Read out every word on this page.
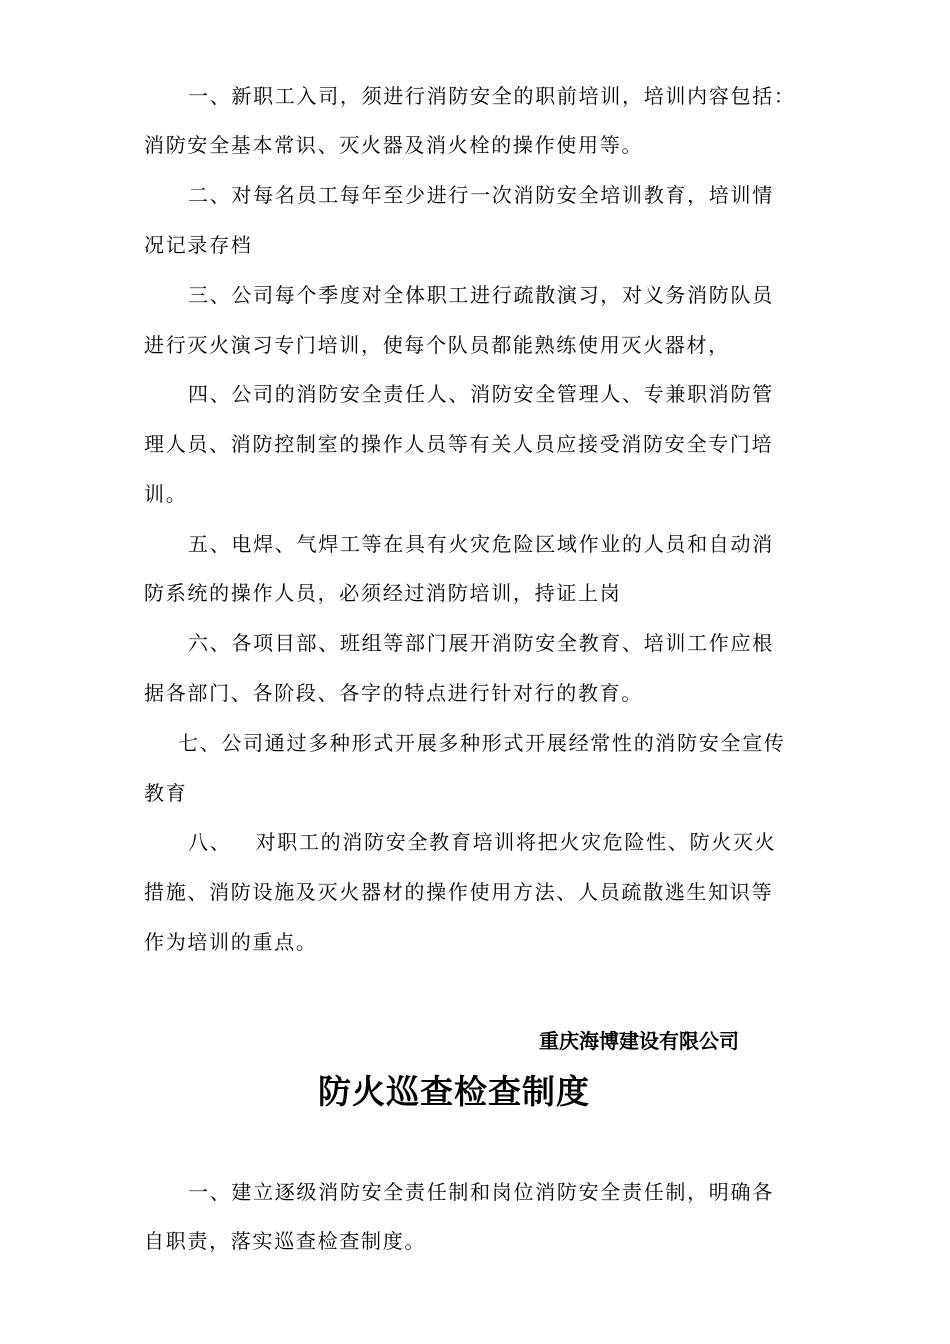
一、新职工入司，须进行消防安全的职前培训，培训内容包括：
消防安全基本常识、灭火器及消火栓的操作使用等。
二、对每名员工每年至少进行一次消防安全培训教育，培训情
况记录存档
三、公司每个季度对全体职工进行疏散演习，对义务消防队员
进行灭火演习专门培训，使每个队员都能熟练使用灭火器材，
四、公司的消防安全责任人、消防安全管理人、专兼职消防管
理人员、消防控制室的操作人员等有关人员应接受消防安全专门培
训。
五、电焊、气焊工等在具有火灾危险区域作业的人员和自动消
防系统的操作人员，必须经过消防培训，持证上岗
六、各项目部、班组等部门展开消防安全教育、培训工作应根
据各部门、各阶段、各字的特点进行针对行的教育。
七、公司通过多种形式开展多种形式开展经常性的消防安全宣传
教育
八、   对职工的消防安全教育培训将把火灾危险性、防火灭火
措施、消防设施及灭火器材的操作使用方法、人员疏散逃生知识等
作为培训的重点。
重庆海博建设有限公司
防火巡查检查制度
一、建立逐级消防安全责任制和岗位消防安全责任制，明确各
自职责，落实巡查检查制度。
